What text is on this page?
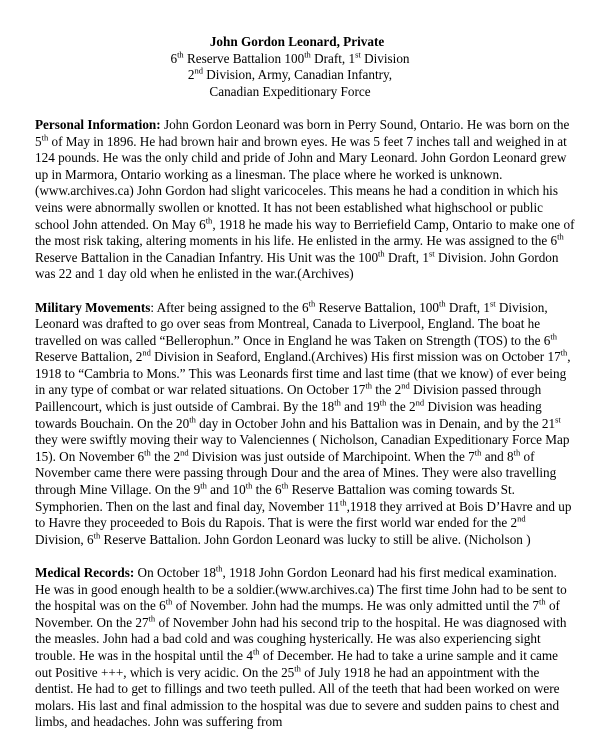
John Gordon Leonard, Private
6th Reserve Battalion 100th Draft, 1st Division
2nd Division, Army, Canadian Infantry,
Canadian Expeditionary Force

Personal Information: John Gordon Leonard was born in Perry Sound, Ontario. He was born on the
5th of May in 1896. He had brown hair and brown eyes. He was 5 feet 7 inches tall and weighed in at
124 pounds. He was the only child and pride of John and Mary Leonard. John Gordon Leonard grew
up in Marmora, Ontario working as a linesman. The place where he worked is unknown.
(www.archives.ca) John Gordon had slight varicoceles. This means he had a condition in which his
veins were abnormally swollen or knotted. It has not been established what highschool or public
school John attended. On May 6th, 1918 he made his way to Berriefield Camp, Ontario to make one of
the most risk taking, altering moments in his life. He enlisted in the army. He was assigned to the 6th
Reserve Battalion in the Canadian Infantry. His Unit was the 100th Draft, 1st Division. John Gordon
was 22 and 1 day old when he enlisted in the war.(Archives)

Military Movements: After being assigned to the 6th Reserve Battalion, 100th Draft, 1st Division,
Leonard was drafted to go over seas from Montreal, Canada to Liverpool, England. The boat he
travelled on was called “Bellerophun.” Once in England he was Taken on Strength (TOS) to the 6th
Reserve Battalion, 2nd Division in Seaford, England.(Archives) His first mission was on October 17th,
1918 to “Cambria to Mons.” This was Leonards first time and last time (that we know) of ever being
in any type of combat or war related situations. On October 17th the 2nd Division passed through
Paillencourt, which is just outside of Cambrai. By the 18th and 19th the 2nd Division was heading
towards Bouchain. On the 20th day in October John and his Battalion was in Denain, and by the 21st
they were swiftly moving their way to Valenciennes ( Nicholson, Canadian Expeditionary Force Map
15). On November 6th the 2nd Division was just outside of Marchipoint. When the 7th and 8th of
November came there were passing through Dour and the area of Mines. They were also travelling
through Mine Village. On the 9th and 10th the 6th Reserve Battalion was coming towards St.
Symphorien. Then on the last and final day, November 11th,1918 they arrived at Bois D’Havre and up
to Havre they proceeded to Bois du Rapois. That is were the first world war ended for the 2nd
Division, 6th Reserve Battalion. John Gordon Leonard was lucky to still be alive. (Nicholson )

Medical Records: On October 18th, 1918 John Gordon Leonard had his first medical examination.
He was in good enough health to be a soldier.(www.archives.ca) The first time John had to be sent to
the hospital was on the 6th of November. John had the mumps. He was only admitted until the 7th of
November. On the 27th of November John had his second trip to the hospital. He was diagnosed with
the measles. John had a bad cold and was coughing hysterically. He was also experiencing sight
trouble. He was in the hospital until the 4th of December. He had to take a urine sample and it came
out Positive +++, which is very acidic. On the 25th of July 1918 he had an appointment with the
dentist. He had to get to fillings and two teeth pulled. All of the teeth that had been worked on were
molars. His last and final admission to the hospital was due to severe and sudden pains to chest and
limbs, and headaches. John was suffering from
